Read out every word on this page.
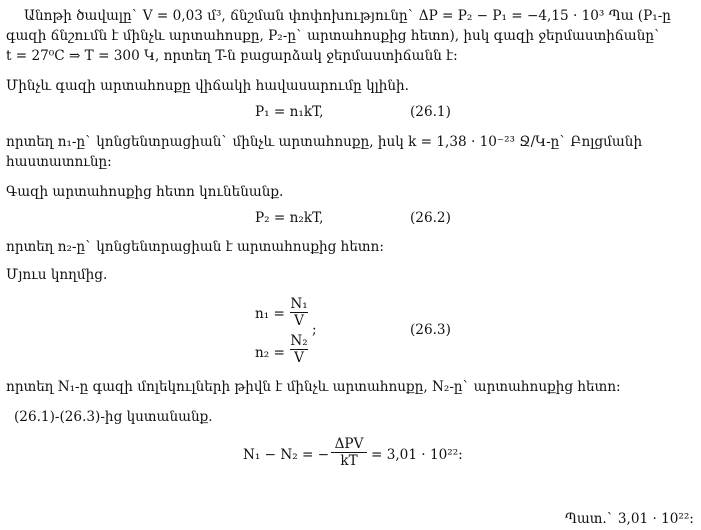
Անոթի ծավալը` V = 0,03 մ³, ճնշման փոփոխությունը` ΔP = P₂ − P₁ = −4,15 · 10³ Պա (P₁-ը
գազի ճնշումն է մինչև արտահոսքը, P₂-ը` արտահոսքից հետո), իսկ գազի ջերմաստիճանը`
t = 27⁰C ⇒ T = 300 Կ, որտեղ T-ն բացարձակ ջերմաստիճանն է:
Մինչև գազի արտահոսքը վիճակի հավասարումը կլինի.
P₁ = n₁kT,	(26.1)
որտեղ n₁-ը` կոնցենտրացիան` մինչև արտահոսքը, իսկ k = 1,38 · 10⁻²³ Ջ/Կ-ը` Բոլցմանի
հաստատունը:
Գազի արտահոսքից հետո կունենանք.
P₂ = n₂kT,	(26.2)
որտեղ n₂-ը` կոնցենտրացիան է արտահոսքից հետո:
Մյուս կողմից.
n₁ =
N₁
V
;	(26.3)
n₂ =
N₂
V
որտեղ N₁-ը գազի մոլեկուլների թիվն է մինչև արտահոսքը, N₂-ը` արտահոսքից հետո:
(26.1)-(26.3)-ից կստանանք.
N₁ − N₂ = −
ΔPV
kT = 3,01 · 10²²:
Պատ.` 3,01 · 10²²:
